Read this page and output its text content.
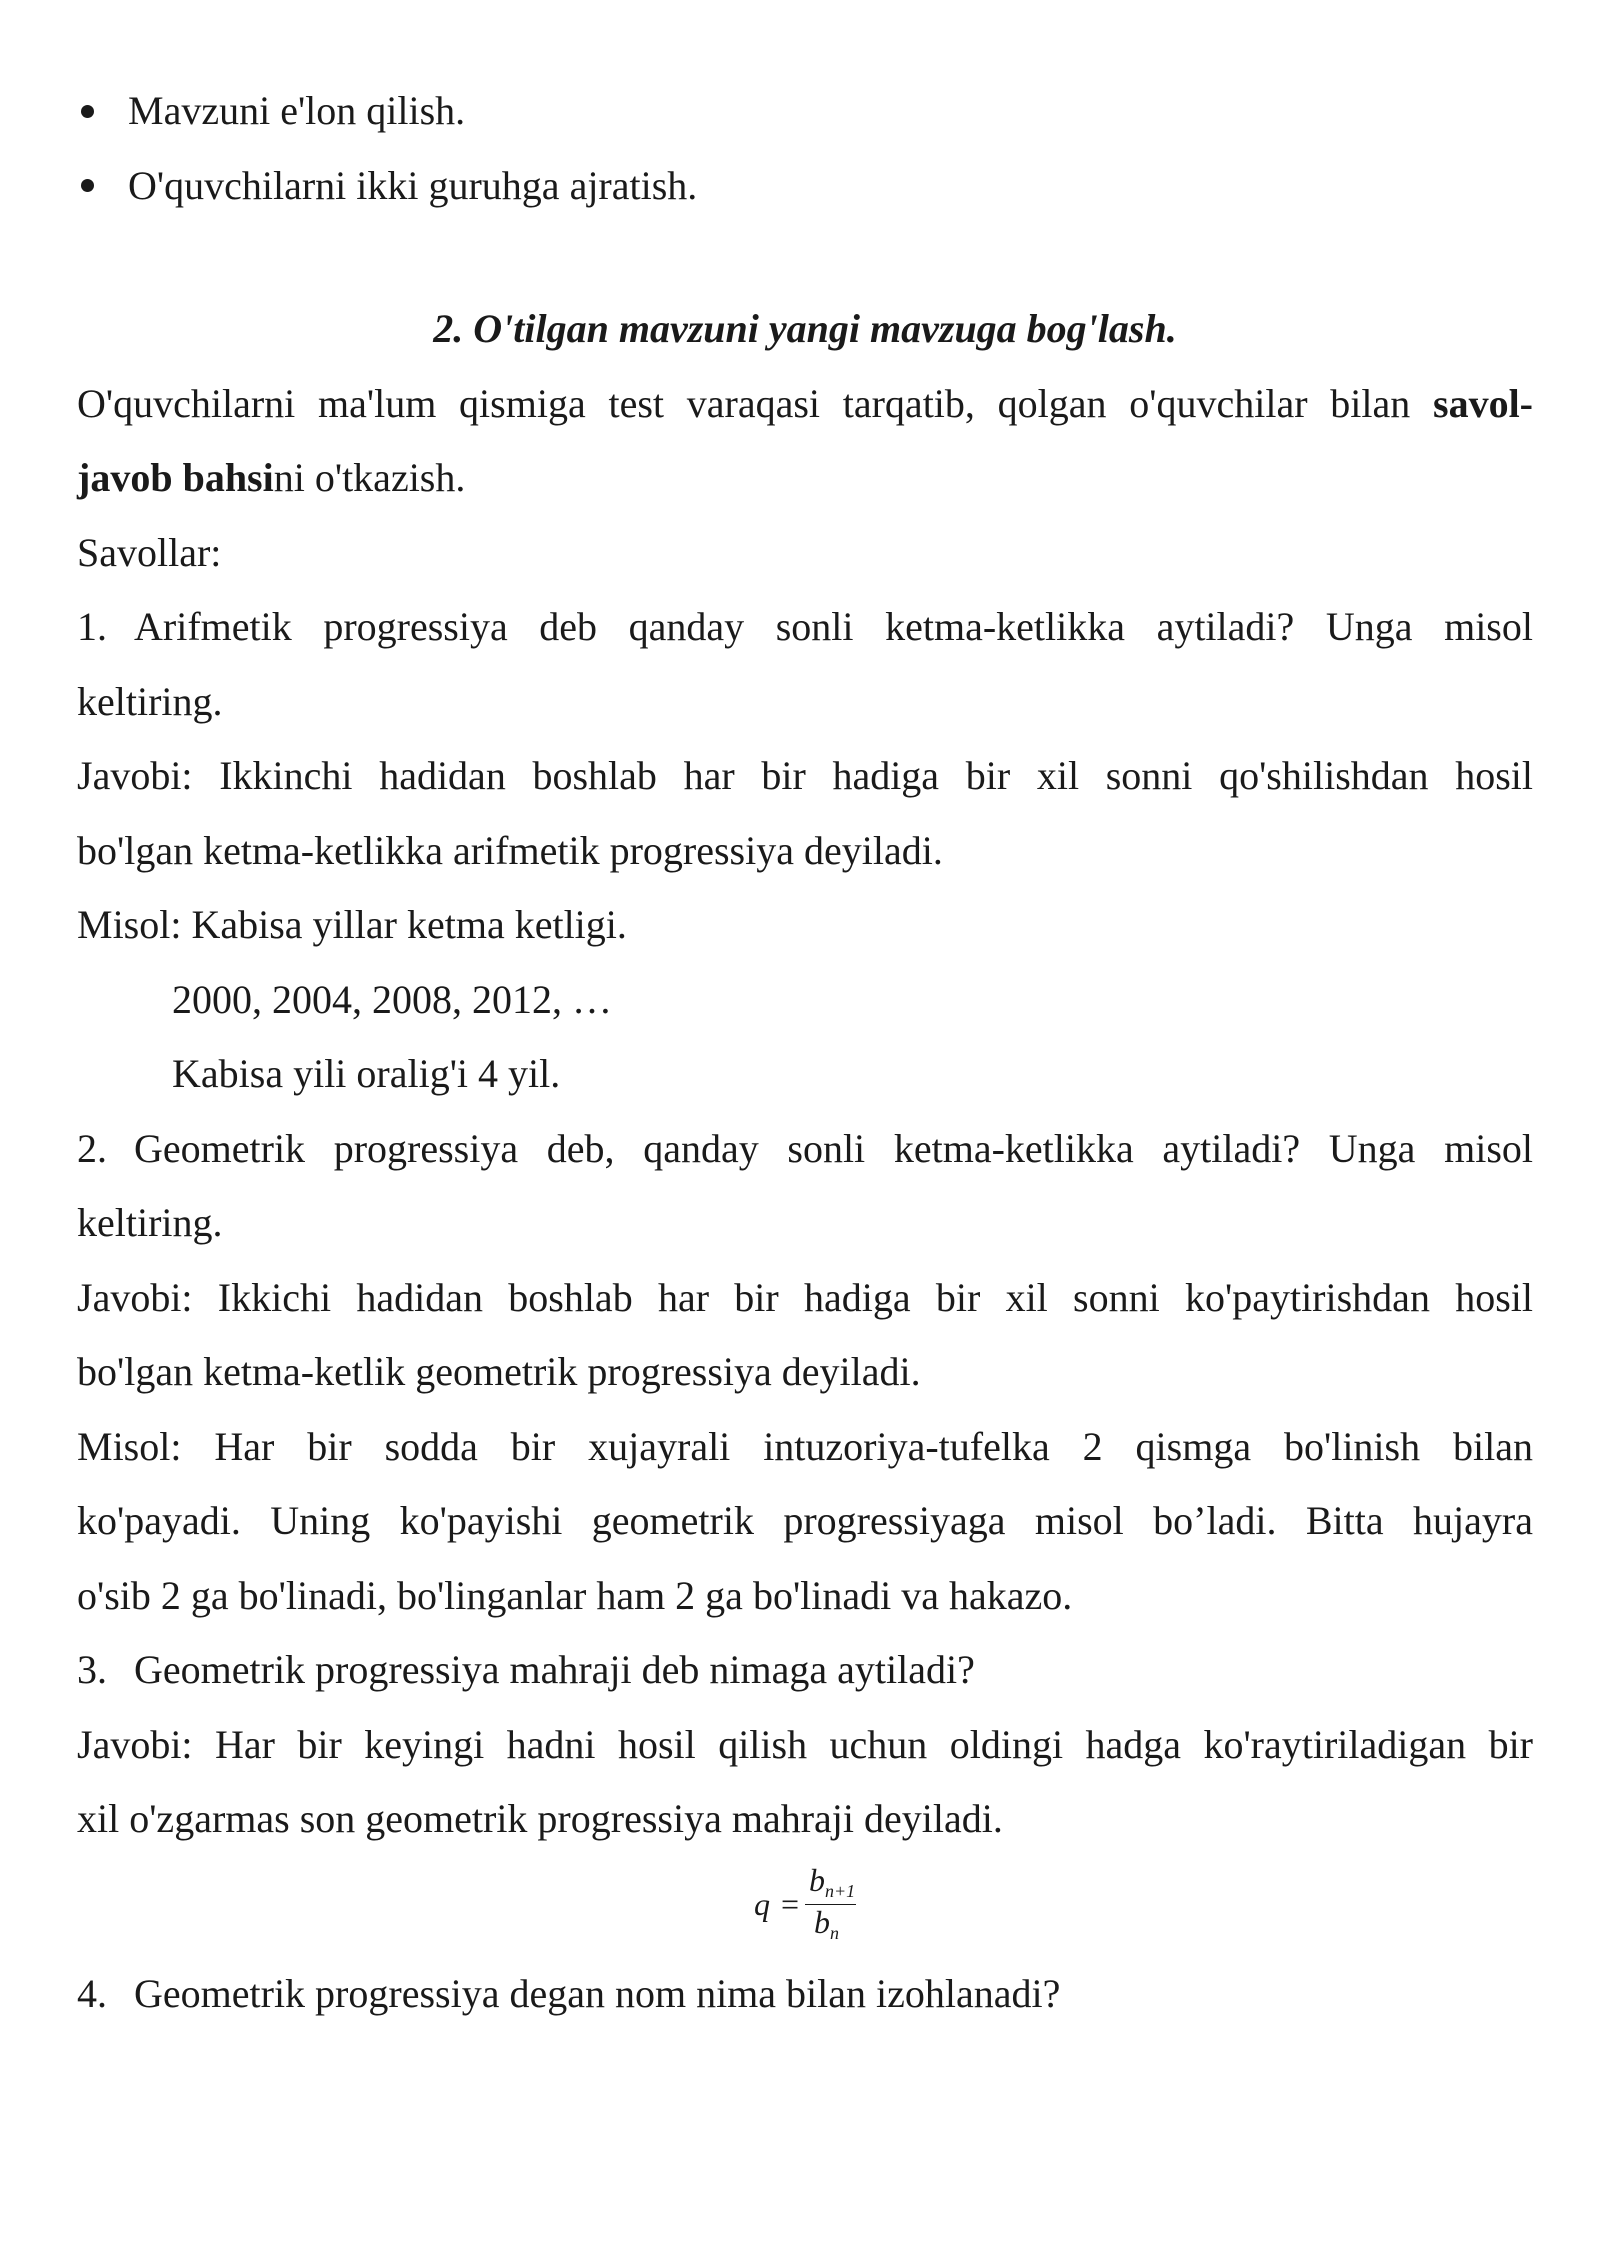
Mavzuni e'lon qilish.
O'quvchilarni ikki guruhga ajratish.
2. O'tilgan mavzuni yangi mavzuga bog'lash.
O'quvchilarni ma'lum qismiga test varaqasi tarqatib, qolgan o'quvchilar bilan savol-
javob bahsini o'tkazish.
Savollar:
1. Arifmetik progressiya deb qanday sonli ketma-ketlikka aytiladi? Unga misol
keltiring.
Javobi: Ikkinchi hadidan boshlab har bir hadiga bir xil sonni qo'shilishdan hosil
bo'lgan ketma-ketlikka arifmetik progressiya deyiladi.
Misol: Kabisa yillar ketma ketligi.
2000, 2004, 2008, 2012, …
Kabisa yili oralig'i 4 yil.
2. Geometrik progressiya deb, qanday sonli ketma-ketlikka aytiladi? Unga misol
keltiring.
Javobi: Ikkichi hadidan boshlab har bir hadiga bir xil sonni ko'paytirishdan hosil
bo'lgan ketma-ketlik geometrik progressiya deyiladi.
Misol: Har bir sodda bir xujayrali intuzoriya-tufelka 2 qismga bo'linish bilan
ko'payadi. Uning ko'payishi geometrik progressiyaga misol bo’ladi. Bitta hujayra
o'sib 2 ga bo'linadi, bo'linganlar ham 2 ga bo'linadi va hakazo.
3. Geometrik progressiya mahraji deb nimaga aytiladi?
Javobi: Har bir keyingi hadni hosil qilish uchun oldingi hadga ko'raytiriladigan bir
xil o'zgarmas son geometrik progressiya mahraji deyiladi.
q =
$b_{n+1}$
$b_n$
4. Geometrik progressiya degan nom nima bilan izohlanadi?
